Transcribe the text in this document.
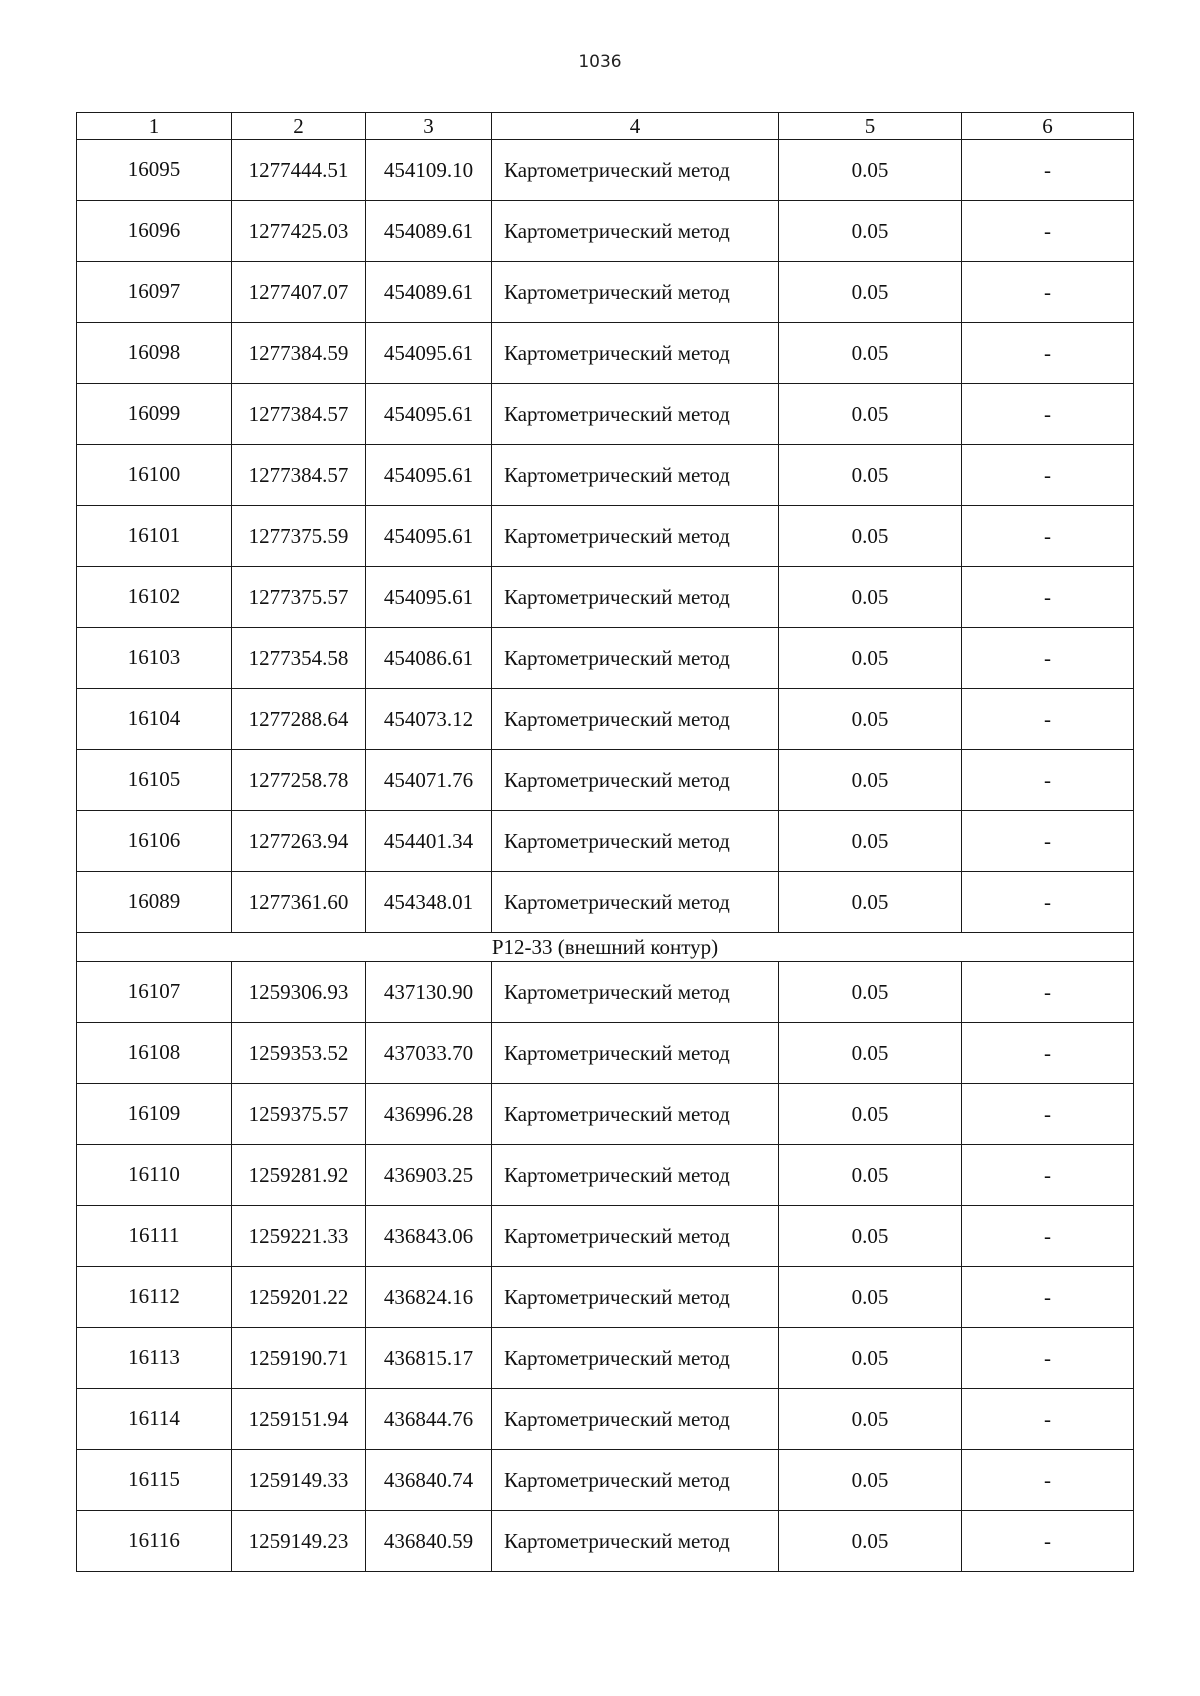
1036
1	2	3	4	5	6
16095	1277444.51	454109.10	Картометрический метод	0.05	-
16096	1277425.03	454089.61	Картометрический метод	0.05	-
16097	1277407.07	454089.61	Картометрический метод	0.05	-
16098	1277384.59	454095.61	Картометрический метод	0.05	-
16099	1277384.57	454095.61	Картометрический метод	0.05	-
16100	1277384.57	454095.61	Картометрический метод	0.05	-
16101	1277375.59	454095.61	Картометрический метод	0.05	-
16102	1277375.57	454095.61	Картометрический метод	0.05	-
16103	1277354.58	454086.61	Картометрический метод	0.05	-
16104	1277288.64	454073.12	Картометрический метод	0.05	-
16105	1277258.78	454071.76	Картометрический метод	0.05	-
16106	1277263.94	454401.34	Картометрический метод	0.05	-
16089	1277361.60	454348.01	Картометрический метод	0.05	-
Р12-33 (внешний контур)					
16107	1259306.93	437130.90	Картометрический метод	0.05	-
16108	1259353.52	437033.70	Картометрический метод	0.05	-
16109	1259375.57	436996.28	Картометрический метод	0.05	-
16110	1259281.92	436903.25	Картометрический метод	0.05	-
16111	1259221.33	436843.06	Картометрический метод	0.05	-
16112	1259201.22	436824.16	Картометрический метод	0.05	-
16113	1259190.71	436815.17	Картометрический метод	0.05	-
16114	1259151.94	436844.76	Картометрический метод	0.05	-
16115	1259149.33	436840.74	Картометрический метод	0.05	-
16116	1259149.23	436840.59	Картометрический метод	0.05	-
